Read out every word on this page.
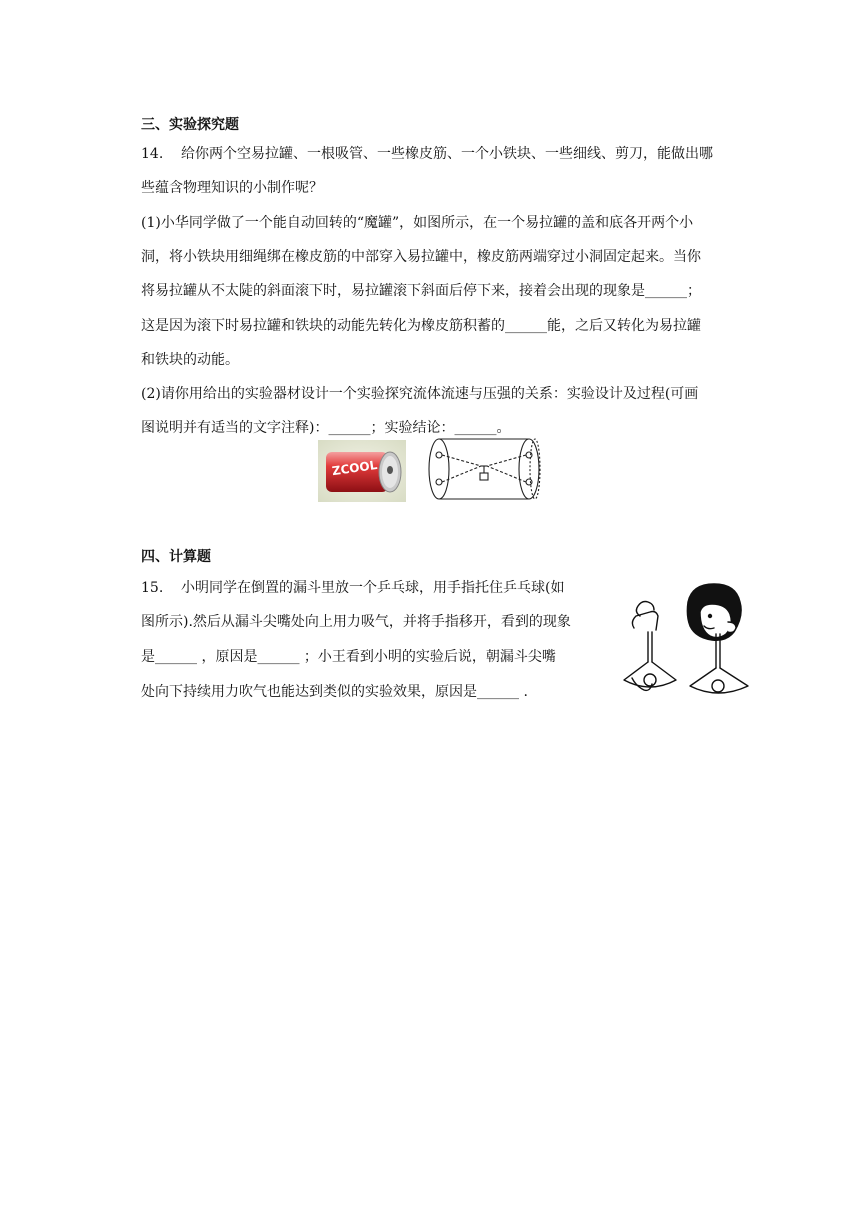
三、实验探究题
14. 给你两个空易拉罐、一根吸管、一些橡皮筋、一个小铁块、一些细线、剪刀，能做出哪
些蕴含物理知识的小制作呢？
(1)小华同学做了一个能自动回转的“魔罐”，如图所示，在一个易拉罐的盖和底各开两个小
洞，将小铁块用细绳绑在橡皮筋的中部穿入易拉罐中，橡皮筋两端穿过小洞固定起来。当你
将易拉罐从不太陡的斜面滚下时，易拉罐滚下斜面后停下来，接着会出现的现象是______；
这是因为滚下时易拉罐和铁块的动能先转化为橡皮筋积蓄的______能，之后又转化为易拉罐
和铁块的动能。
(2)请你用给出的实验器材设计一个实验探究流体流速与压强的关系：实验设计及过程(可画
图说明并有适当的文字注释)：______；实验结论：______。
ZCOOL
四、计算题
15. 小明同学在倒置的漏斗里放一个乒乓球，用手指托住乒乓球(如
图所示).然后从漏斗尖嘴处向上用力吸气，并将手指移开，看到的现象
是______ ，原因是______ ；小王看到小明的实验后说，朝漏斗尖嘴
处向下持续用力吹气也能达到类似的实验效果，原因是______ .
